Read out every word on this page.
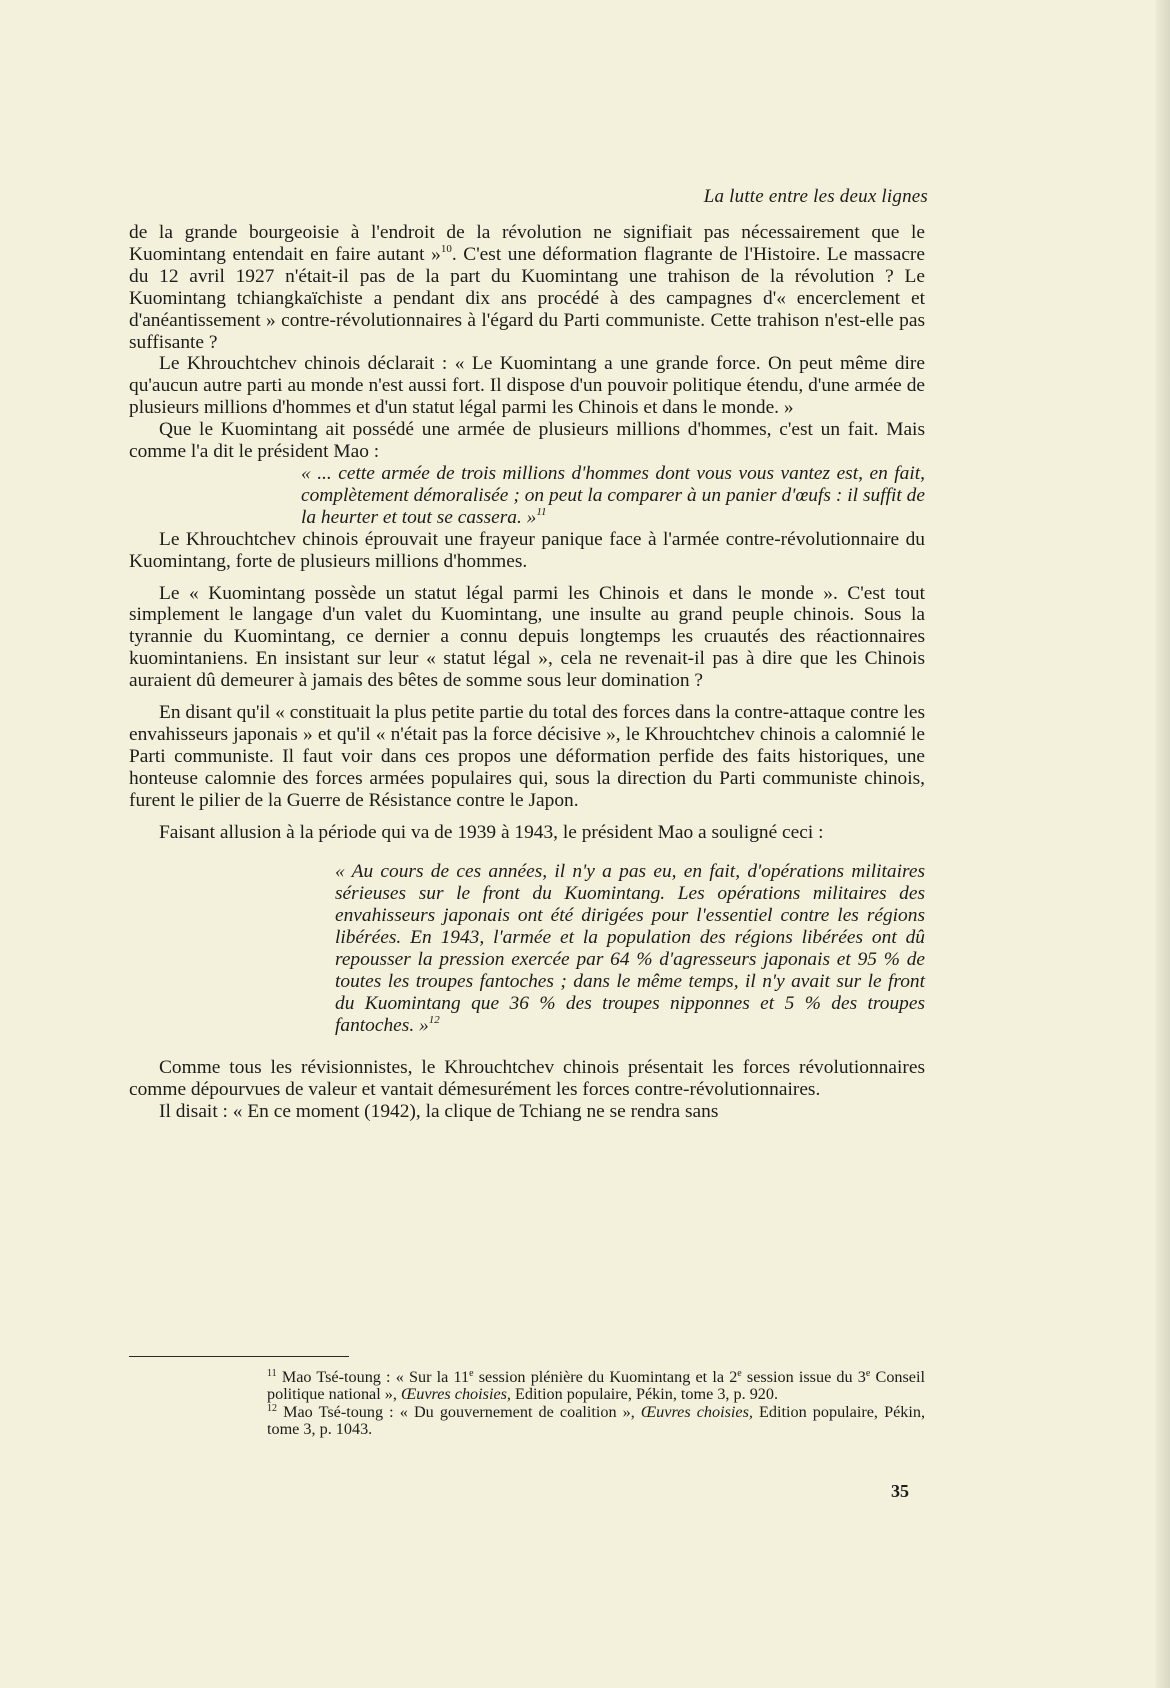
La lutte entre les deux lignes

de la grande bourgeoisie à l'endroit de la révolution ne signifiait pas nécessairement que le Kuomintang entendait en faire autant »$^{10}$. C'est une déformation flagrante de l'Histoire. Le massacre du 12 avril 1927 n'était-il pas de la part du Kuomintang une trahison de la révolution ? Le Kuomintang tchiangkaïchiste a pendant dix ans procédé à des campagnes d'« encerclement et d'anéantissement » contre-révolutionnaires à l'égard du Parti communiste. Cette trahison n'est-elle pas suffisante ?

Le Khrouchtchev chinois déclarait : « Le Kuomintang a une grande force. On peut même dire qu'aucun autre parti au monde n'est aussi fort. Il dispose d'un pouvoir politique étendu, d'une armée de plusieurs millions d'hommes et d'un statut légal parmi les Chinois et dans le monde. »

Que le Kuomintang ait possédé une armée de plusieurs millions d'hommes, c'est un fait. Mais comme l'a dit le président Mao :

« ... cette armée de trois millions d'hommes dont vous vous vantez est, en fait, complètement démoralisée ; on peut la comparer à un panier d'œufs : il suffit de la heurter et tout se cassera. »$^{11}$

Le Khrouchtchev chinois éprouvait une frayeur panique face à l'armée contre-révolutionnaire du Kuomintang, forte de plusieurs millions d'hommes.

Le « Kuomintang possède un statut légal parmi les Chinois et dans le monde ». C'est tout simplement le langage d'un valet du Kuomintang, une insulte au grand peuple chinois. Sous la tyrannie du Kuomintang, ce dernier a connu depuis longtemps les cruautés des réactionnaires kuomintaniens. En insistant sur leur « statut légal », cela ne revenait-il pas à dire que les Chinois auraient dû demeurer à jamais des bêtes de somme sous leur domination ?

En disant qu'il « constituait la plus petite partie du total des forces dans la contre-attaque contre les envahisseurs japonais » et qu'il « n'était pas la force décisive », le Khrouchtchev chinois a calomnié le Parti communiste. Il faut voir dans ces propos une déformation perfide des faits historiques, une honteuse calomnie des forces armées populaires qui, sous la direction du Parti communiste chinois, furent le pilier de la Guerre de Résistance contre le Japon.

Faisant allusion à la période qui va de 1939 à 1943, le président Mao a souligné ceci :

« Au cours de ces années, il n'y a pas eu, en fait, d'opérations militaires sérieuses sur le front du Kuomintang. Les opérations militaires des envahisseurs japonais ont été dirigées pour l'essentiel contre les régions libérées. En 1943, l'armée et la population des régions libérées ont dû repousser la pression exercée par 64 % d'agresseurs japonais et 95 % de toutes les troupes fantoches ; dans le même temps, il n'y avait sur le front du Kuomintang que 36 % des troupes nipponnes et 5 % des troupes fantoches. »$^{12}$

Comme tous les révisionnistes, le Khrouchtchev chinois présentait les forces révolutionnaires comme dépourvues de valeur et vantait démesurément les forces contre-révolutionnaires.

Il disait : « En ce moment (1942), la clique de Tchiang ne se rendra sans

$^{11}$ Mao Tsé-toung : « Sur la 11e session plénière du Kuomintang et la 2e session issue du 3e Conseil politique national », Œuvres choisies, Edition populaire, Pékin, tome 3, p. 920.

$^{12}$ Mao Tsé-toung : « Du gouvernement de coalition », Œuvres choisies, Edition populaire, Pékin, tome 3, p. 1043.

35
